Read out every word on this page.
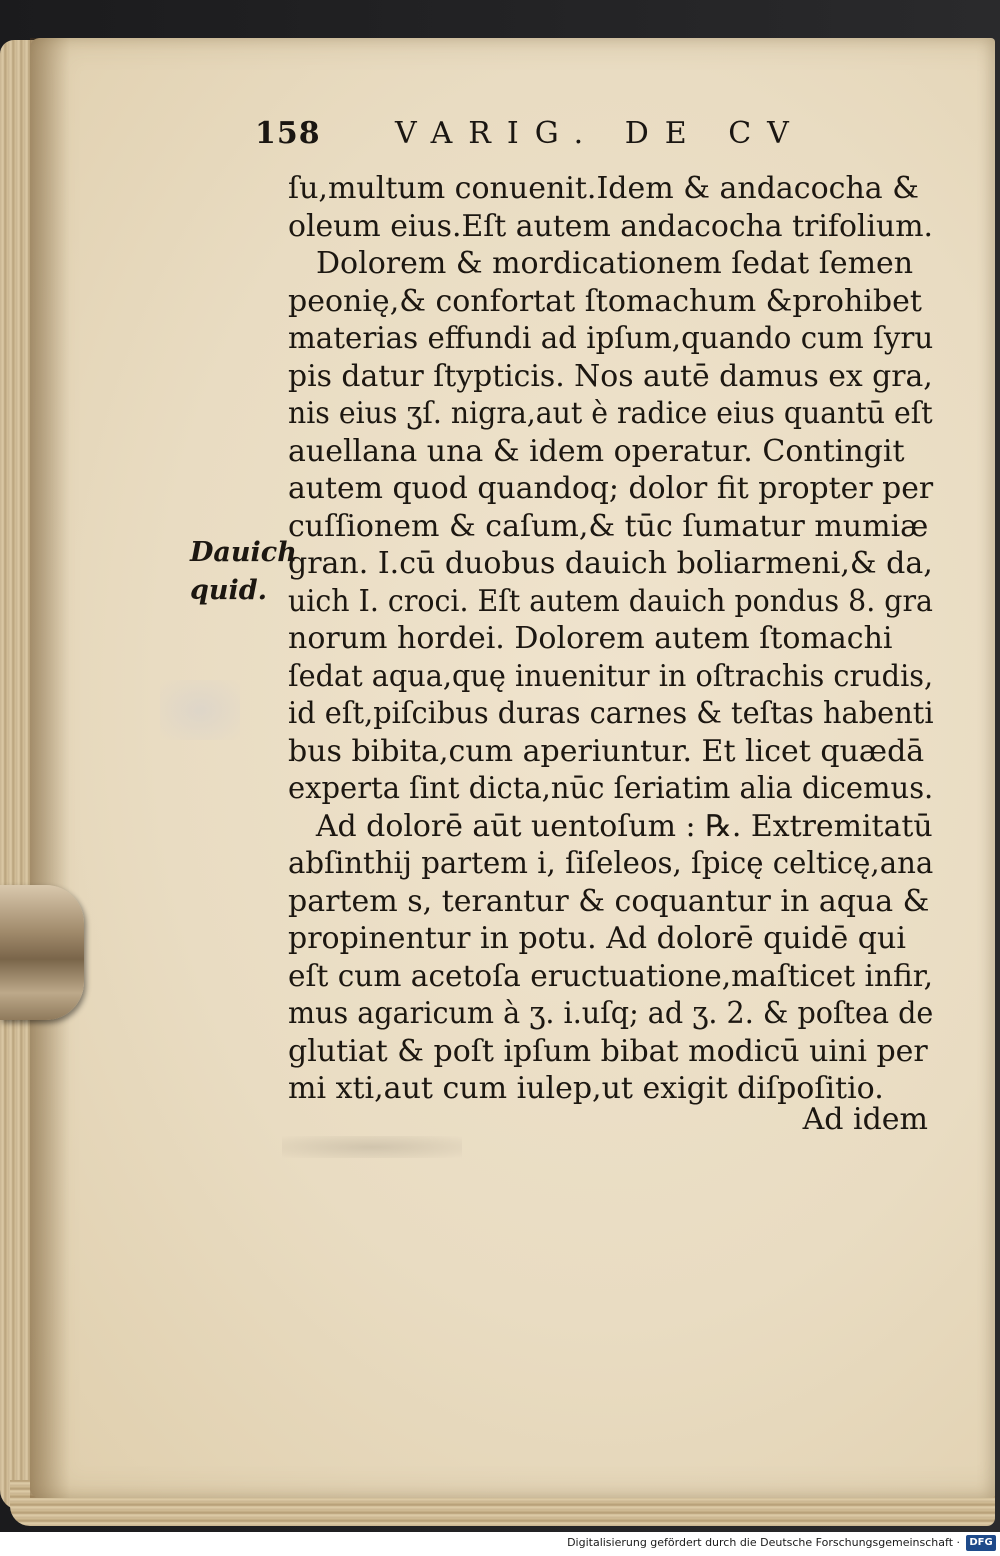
158 VARIG. DE CV
Dauich
quid.
ſu,multum conuenit.Idem & andacocha &
oleum eius.Eſt autem andacocha trifolium.
Dolorem & mordicationem ſedat ſemen
peonię,& confortat ſtomachum &prohibet
materias effundi ad ipſum,quando cum ſyru
pis datur ſtypticis. Nos autē damus ex gra,
nis eius ʒſ. nigra,aut è radice eius quantū eſt
auellana una & idem operatur. Contingit
autem quod quandoq; dolor fit propter per
cuſſionem & caſum,& tūc ſumatur mumiæ
gran. I.cū duobus dauich boliarmeni,& da,
uich I. croci. Eſt autem dauich pondus 8. gra
norum hordei. Dolorem autem ſtomachi
ſedat aqua,quę inuenitur in oſtrachis crudis,
id eſt,piſcibus duras carnes & teſtas habenti
bus bibita,cum aperiuntur. Et licet quædā
experta ſint dicta,nūc ſeriatim alia dicemus.
Ad dolorē aūt uentoſum : ℞. Extremitatū
abſinthij partem i, ſiſeleos, ſpicę celticę,ana
partem s, terantur & coquantur in aqua &
propinentur in potu. Ad dolorē quidē qui
eſt cum acetoſa eructuatione,maſticet infir,
mus agaricum à ʒ. i.uſq; ad ʒ. 2. & poſtea de
glutiat & poſt ipſum bibat modicū uini per
mi xti,aut cum iulep,ut exigit diſpoſitio.
Ad idem
Digitalisierung gefördert durch die Deutsche Forschungsgemeinschaft · DFG
